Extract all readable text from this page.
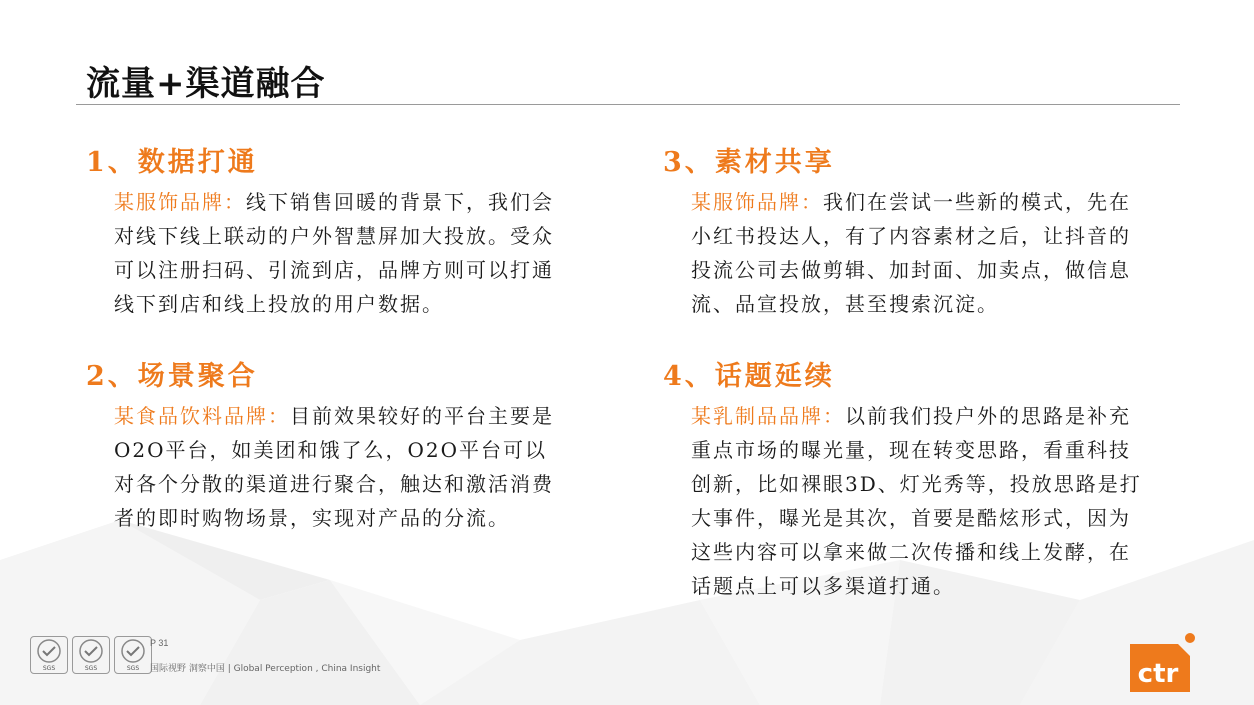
流量+渠道融合
1、数据打通
某服饰品牌：线下销售回暖的背景下，我们会对线下线上联动的户外智慧屏加大投放。受众可以注册扫码、引流到店，品牌方则可以打通线下到店和线上投放的用户数据。
2、场景聚合
某食品饮料品牌：目前效果较好的平台主要是O2O平台，如美团和饿了么，O2O平台可以对各个分散的渠道进行聚合，触达和激活消费者的即时购物场景，实现对产品的分流。
3、素材共享
某服饰品牌：我们在尝试一些新的模式，先在小红书投达人，有了内容素材之后，让抖音的投流公司去做剪辑、加封面、加卖点，做信息流、品宣投放，甚至搜索沉淀。
4、话题延续
某乳制品品牌：以前我们投户外的思路是补充重点市场的曝光量，现在转变思路，看重科技创新，比如裸眼3D、灯光秀等，投放思路是打大事件，曝光是其次，首要是酷炫形式，因为这些内容可以拿来做二次传播和线上发酵，在话题点上可以多渠道打通。
SGS	SGS	SGS
P 31
国际视野 洞察中国 | Global Perception , China Insight	ctr
